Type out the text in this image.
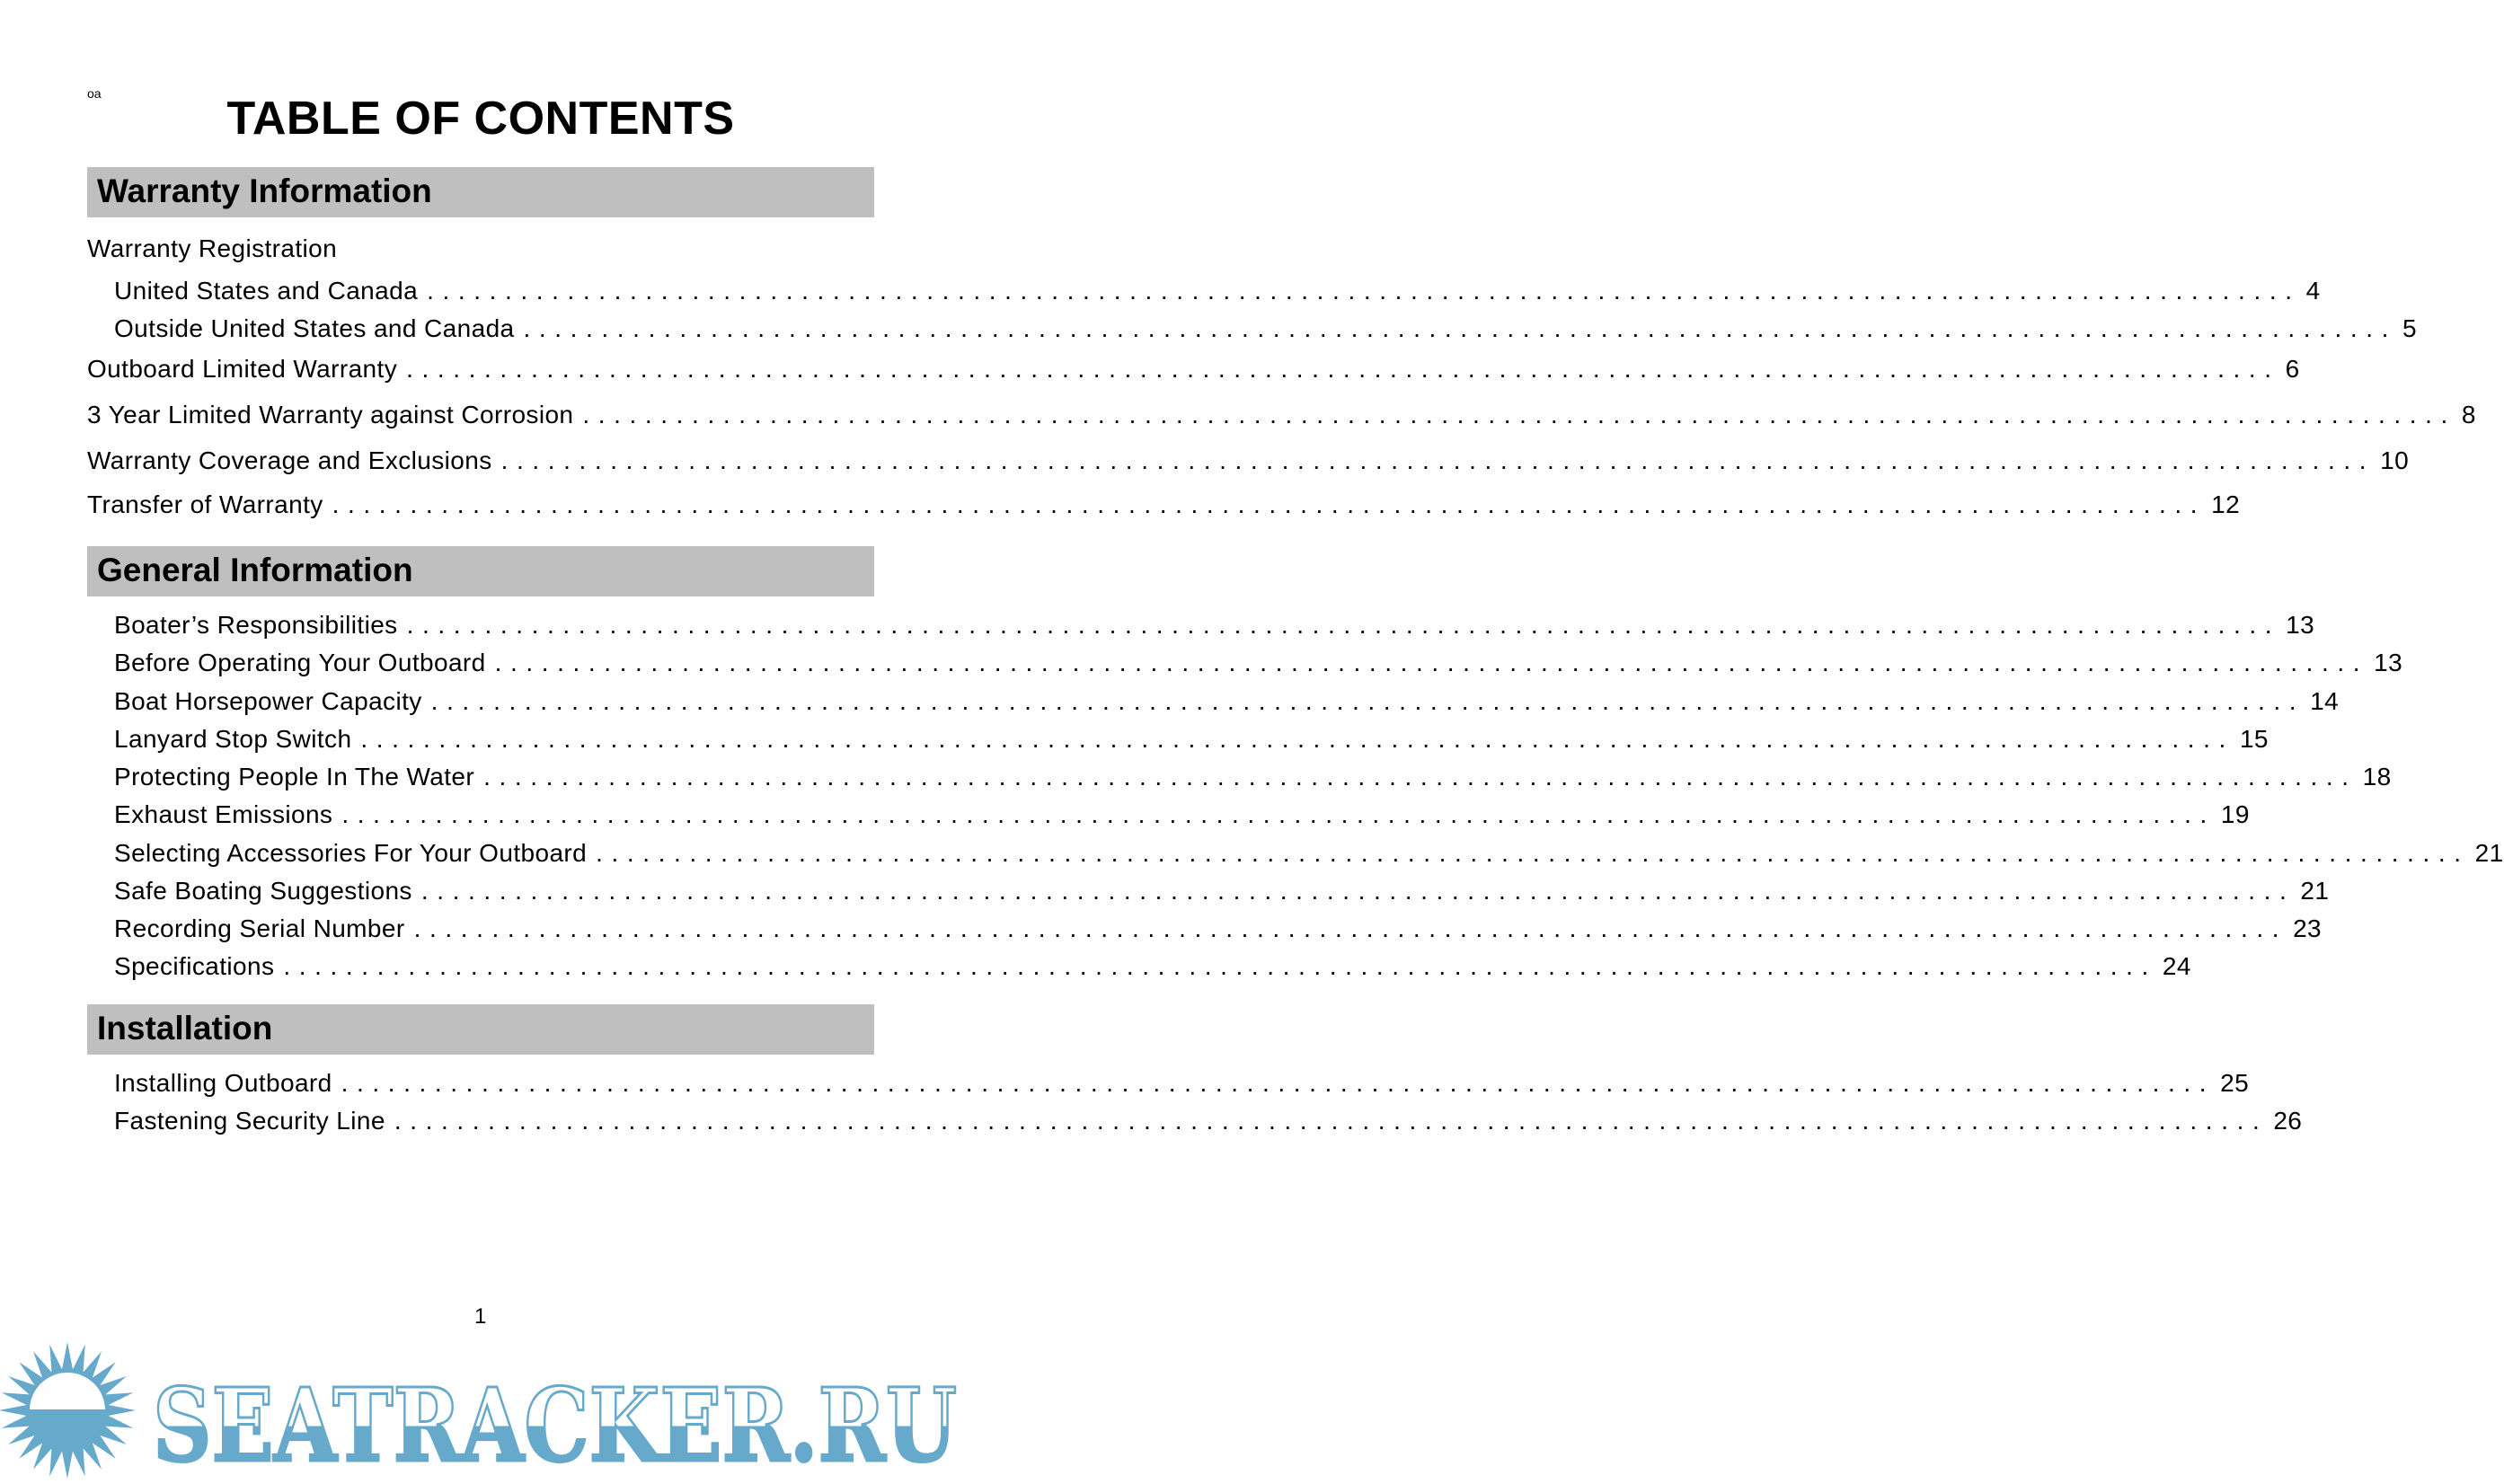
oa	TABLE OF CONTENTS
Warranty Information
Warranty Registration
United States and Canada ........................................................................................................................ 4
Outside United States and Canada ........................................................................................................................ 5
Outboard Limited Warranty ........................................................................................................................ 6
3 Year Limited Warranty against Corrosion ........................................................................................................................ 8
Warranty Coverage and Exclusions ........................................................................................................................ 10
Transfer of Warranty ........................................................................................................................ 12
General Information
Boater’s Responsibilities ........................................................................................................................ 13
Before Operating Your Outboard ........................................................................................................................ 13
Boat Horsepower Capacity ........................................................................................................................ 14
Lanyard Stop Switch ........................................................................................................................ 15
Protecting People In The Water ........................................................................................................................ 18
Exhaust Emissions ........................................................................................................................ 19
Selecting Accessories For Your Outboard ........................................................................................................................ 21
Safe Boating Suggestions ........................................................................................................................ 21
Recording Serial Number ........................................................................................................................ 23
Specifications ........................................................................................................................ 24
Installation
Installing Outboard ........................................................................................................................ 25
Fastening Security Line ........................................................................................................................ 26
SEATRACKER.RU
1
